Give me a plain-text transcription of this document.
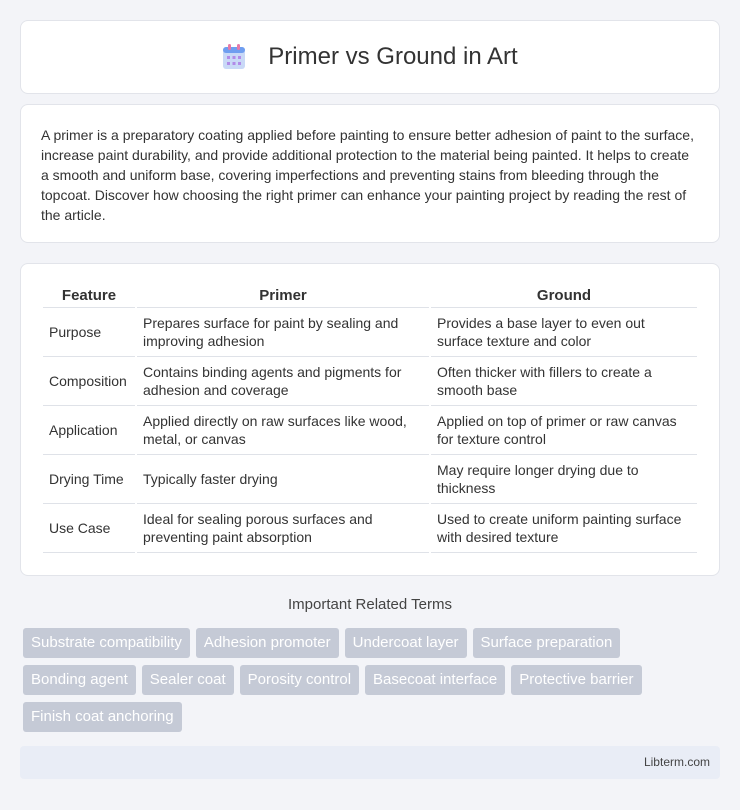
Primer vs Ground in Art

A primer is a preparatory coating applied before painting to ensure better adhesion of paint to the surface, increase paint durability, and provide additional protection to the material being painted. It helps to create a smooth and uniform base, covering imperfections and preventing stains from bleeding through the topcoat. Discover how choosing the right primer can enhance your painting project by reading the rest of the article.

Feature	Primer	Ground
Purpose	Prepares surface for paint by sealing and improving adhesion	Provides a base layer to even out surface texture and color
Composition	Contains binding agents and pigments for adhesion and coverage	Often thicker with fillers to create a smooth base
Application	Applied directly on raw surfaces like wood, metal, or canvas	Applied on top of primer or raw canvas for texture control
Drying Time	Typically faster drying	May require longer drying due to thickness
Use Case	Ideal for sealing porous surfaces and preventing paint absorption	Used to create uniform painting surface with desired texture
Important Related Terms
Substrate compatibility	Adhesion promoter	Undercoat layer	Surface preparation
Bonding agent	Sealer coat	Porosity control	Basecoat interface	Protective barrier
Finish coat anchoring
Libterm.com
